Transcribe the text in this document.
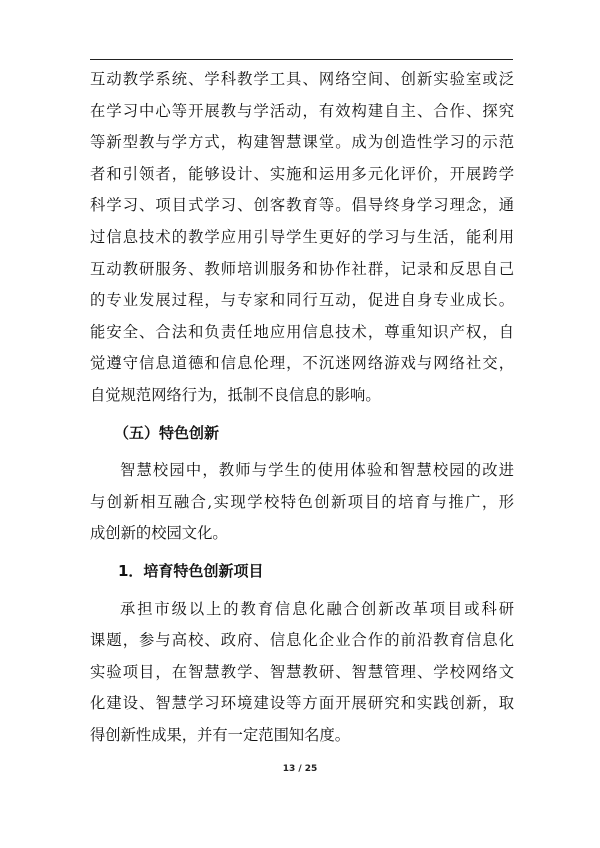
互动教学系统、学科教学工具、网络空间、创新实验室或泛
在学习中心等开展教与学活动，有效构建自主、合作、探究
等新型教与学方式，构建智慧课堂。成为创造性学习的示范
者和引领者，能够设计、实施和运用多元化评价，开展跨学
科学习、项目式学习、创客教育等。倡导终身学习理念，通
过信息技术的教学应用引导学生更好的学习与生活，能利用
互动教研服务、教师培训服务和协作社群，记录和反思自己
的专业发展过程，与专家和同行互动，促进自身专业成长。
能安全、合法和负责任地应用信息技术，尊重知识产权，自
觉遵守信息道德和信息伦理，不沉迷网络游戏与网络社交，
自觉规范网络行为，抵制不良信息的影响。
（五）特色创新
智慧校园中，教师与学生的使用体验和智慧校园的改进
与创新相互融合,实现学校特色创新项目的培育与推广，形
成创新的校园文化。
1．培育特色创新项目
承担市级以上的教育信息化融合创新改革项目或科研
课题，参与高校、政府、信息化企业合作的前沿教育信息化
实验项目，在智慧教学、智慧教研、智慧管理、学校网络文
化建设、智慧学习环境建设等方面开展研究和实践创新，取
得创新性成果，并有一定范围知名度。
13 / 25
